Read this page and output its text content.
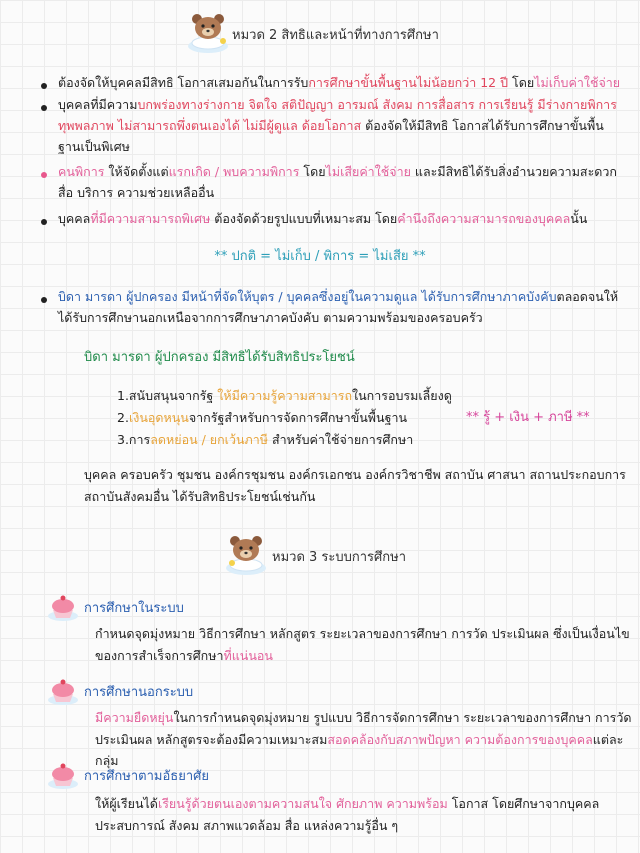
หมวด 2 สิทธิและหน้าที่ทางการศึกษา
ต้องจัดให้บุคคลมีสิทธิ โอกาสเสมอกันในการรับการศึกษาขั้นพื้นฐานไม่น้อยกว่า 12 ปี โดยไม่เก็บค่าใช้จ่าย
บุคคลที่มีความบกพร่องทางร่างกาย จิตใจ สติปัญญา อารมณ์ สังคม การสื่อสาร การเรียนรู้ มีร่างกายพิการ
ทุพพลภาพ ไม่สามารถพึ่งตนเองได้ ไม่มีผู้ดูแล ด้อยโอกาส ต้องจัดให้มีสิทธิ โอกาสได้รับการศึกษาขั้นพื้น
ฐานเป็นพิเศษ
คนพิการ ให้จัดตั้งแต่แรกเกิด / พบความพิการ โดยไม่เสียค่าใช้จ่าย และมีสิทธิได้รับสิ่งอำนวยความสะดวก
สื่อ บริการ ความช่วยเหลืออื่น
บุคคลที่มีความสามารถพิเศษ ต้องจัดด้วยรูปแบบที่เหมาะสม โดยคำนึงถึงความสามารถของบุคคลนั้น
** ปกติ = ไม่เก็บ / พิการ = ไม่เสีย **
บิดา มารดา ผู้ปกครอง มีหน้าที่จัดให้บุตร / บุคคลซึ่งอยู่ในความดูแล ได้รับการศึกษาภาคบังคับตลอดจนให้
ได้รับการศึกษานอกเหนือจากการศึกษาภาคบังคับ ตามความพร้อมของครอบครัว
บิดา มารดา ผู้ปกครอง มีสิทธิได้รับสิทธิประโยชน์
1.สนับสนุนจากรัฐ ให้มีความรู้ความสามารถในการอบรมเลี้ยงดู
2.เงินอุดหนุนจากรัฐสำหรับการจัดการศึกษาขั้นพื้นฐาน
3.การลดหย่อน / ยกเว้นภาษี สำหรับค่าใช้จ่ายการศึกษา
** รู้ + เงิน + ภาษี **
บุคคล ครอบครัว ชุมชน องค์กรชุมชน องค์กรเอกชน องค์กรวิชาชีพ สถาบัน ศาสนา สถานประกอบการ
สถาบันสังคมอื่น ได้รับสิทธิประโยชน์เช่นกัน
หมวด 3 ระบบการศึกษา
การศึกษาในระบบ
กำหนดจุดมุ่งหมาย วิธีการศึกษา หลักสูตร ระยะเวลาของการศึกษา การวัด ประเมินผล ซึ่งเป็นเงื่อนไข
ของการสำเร็จการศึกษาที่แน่นอน
การศึกษานอกระบบ
มีความยืดหยุ่นในการกำหนดจุดมุ่งหมาย รูปแบบ วิธีการจัดการศึกษา ระยะเวลาของการศึกษา การวัด
ประเมินผล หลักสูตรจะต้องมีความเหมาะสมสอดคล้องกับสภาพปัญหา ความต้องการของบุคคลแต่ละกลุ่ม
การศึกษาตามอัธยาศัย
ให้ผู้เรียนได้เรียนรู้ด้วยตนเองตามความสนใจ ศักยภาพ ความพร้อม โอกาส โดยศึกษาจากบุคคล
ประสบการณ์ สังคม สภาพแวดล้อม สื่อ แหล่งความรู้อื่น ๆ
